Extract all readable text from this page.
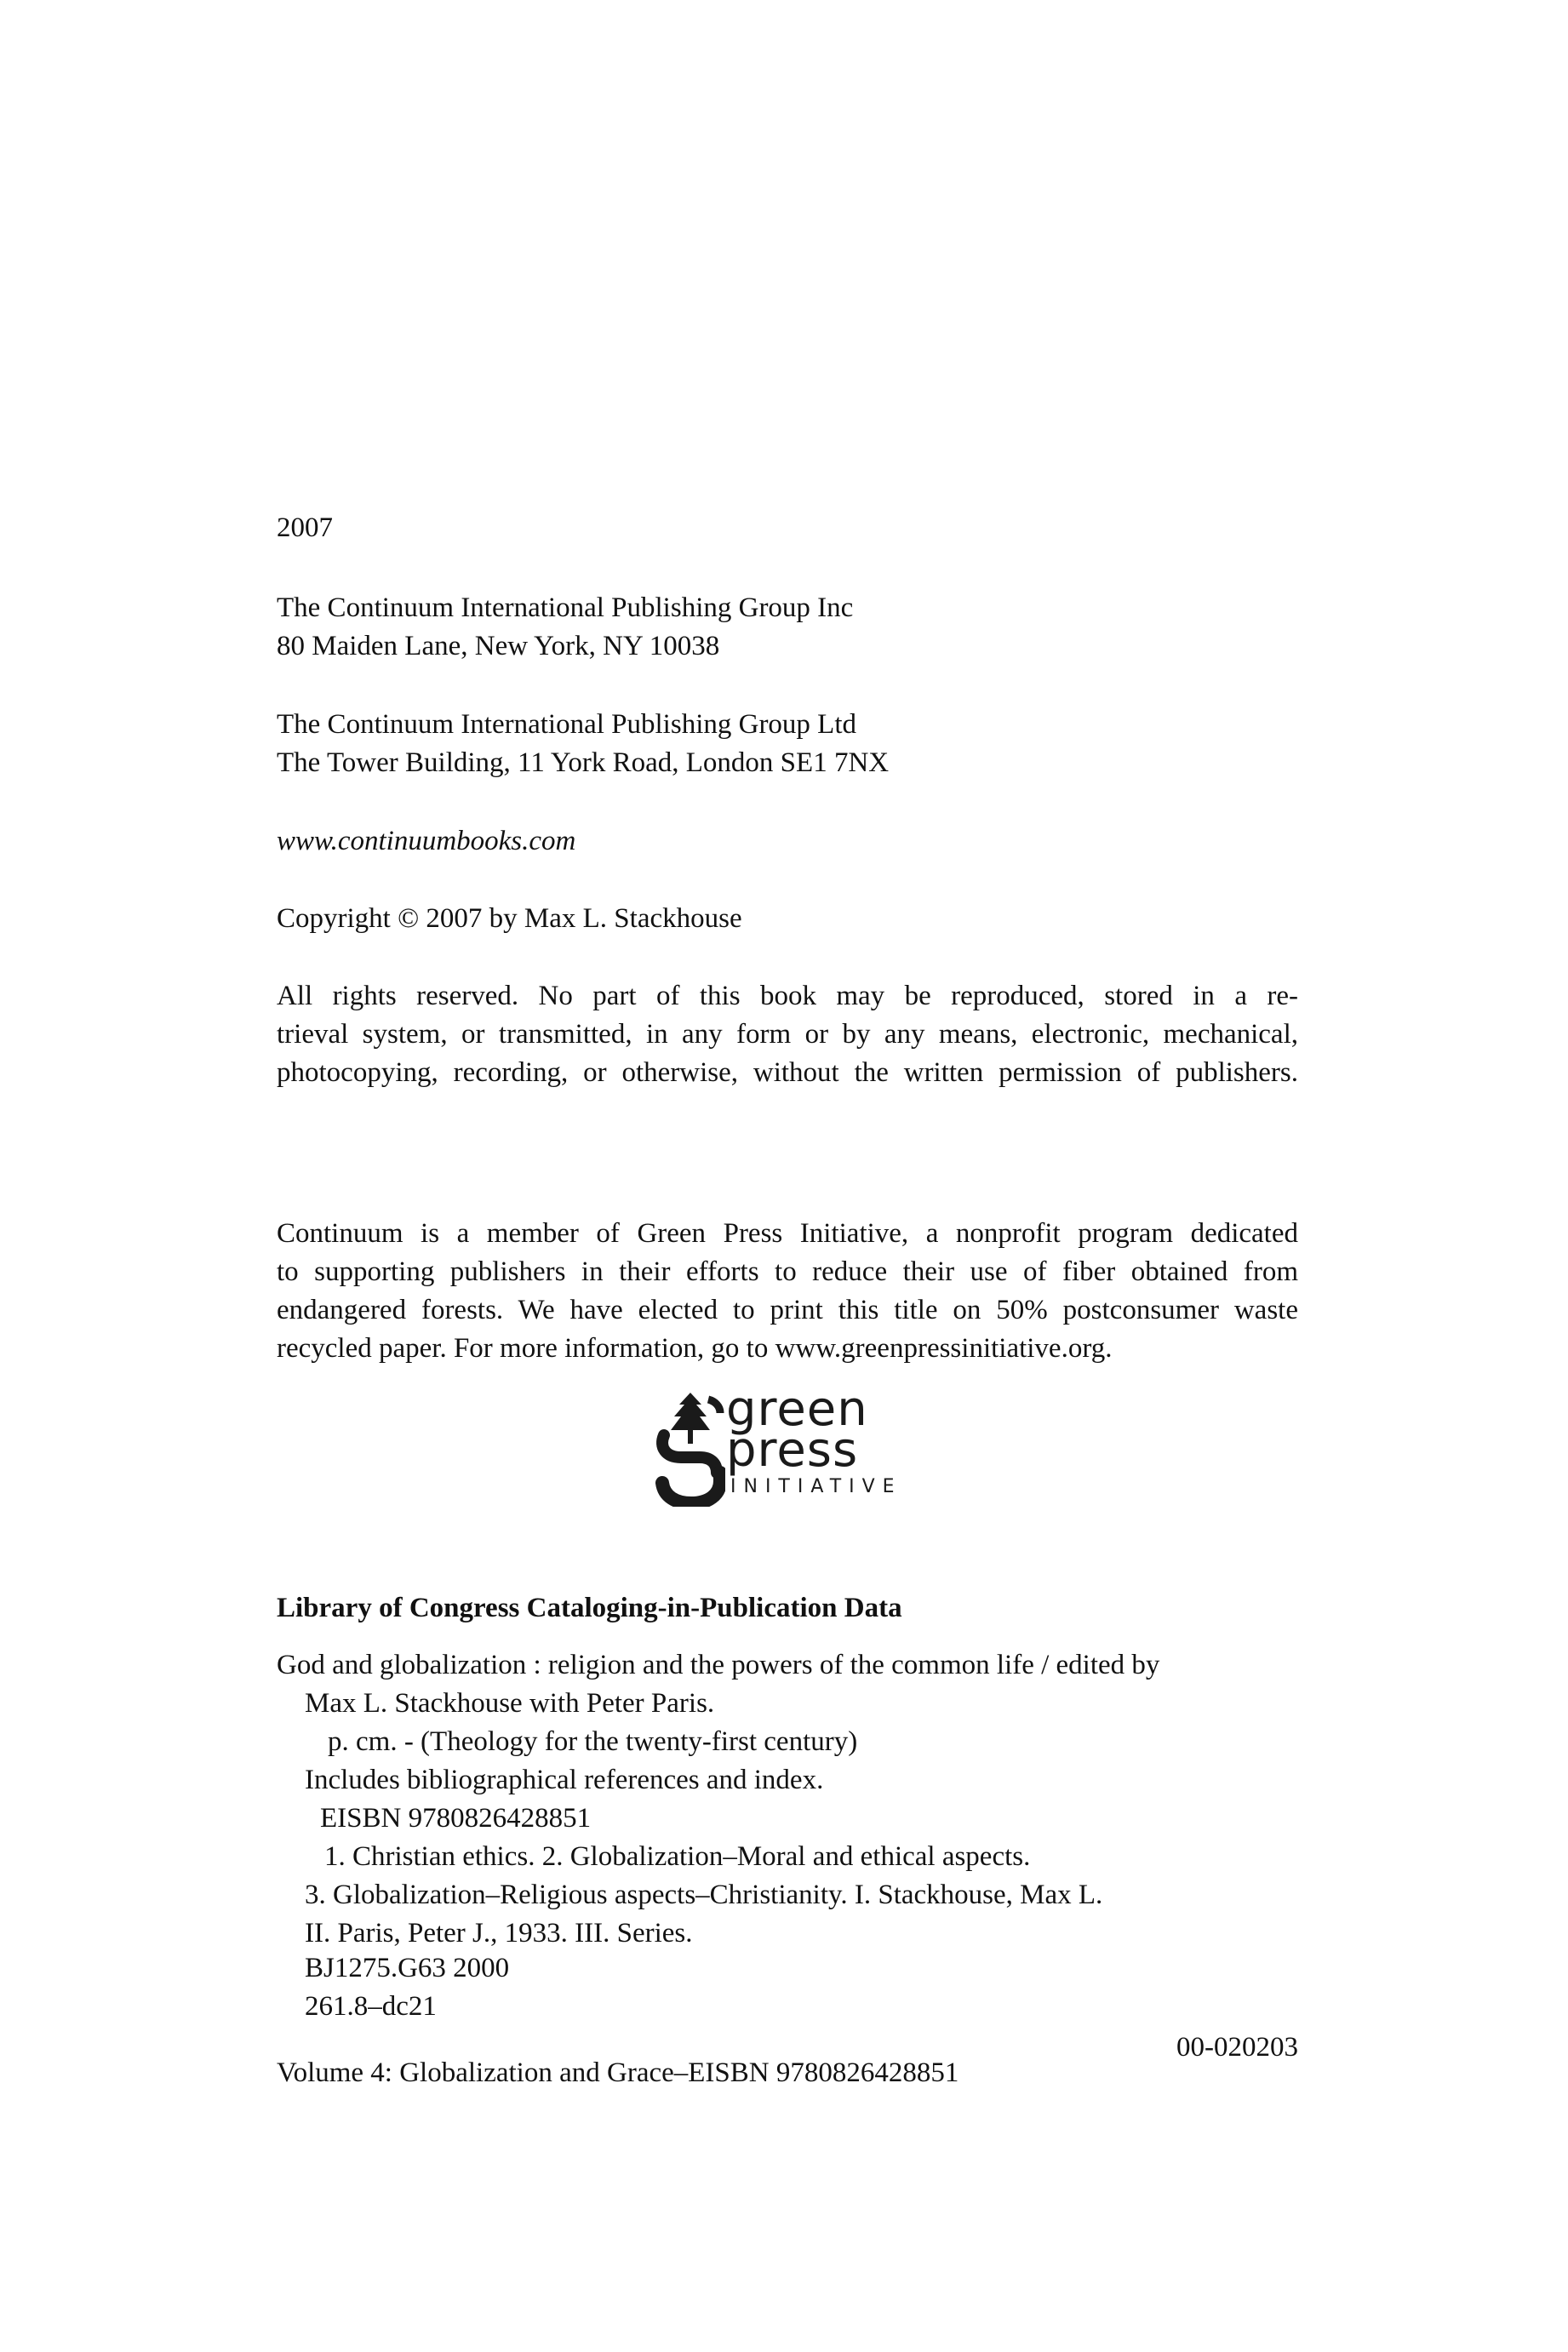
2007

The Continuum International Publishing Group Inc
80 Maiden Lane, New York, NY 10038

The Continuum International Publishing Group Ltd
The Tower Building, 11 York Road, London SE1 7NX

www.continuumbooks.com

Copyright © 2007 by Max L. Stackhouse

All rights reserved. No part of this book may be reproduced, stored in a re-
trieval system, or transmitted, in any form or by any means, electronic, mechanical,
photocopying, recording, or otherwise, without the written permission of publishers.

Continuum is a member of Green Press Initiative, a nonprofit program dedicated
to supporting publishers in their efforts to reduce their use of fiber obtained from
endangered forests. We have elected to print this title on 50% postconsumer waste
recycled paper. For more information, go to www.greenpressinitiative.org.

green
press
INITIATIVE

Library of Congress Cataloging-in-Publication Data

God and globalization : religion and the powers of the common life / edited by
Max L. Stackhouse with Peter Paris.
p. cm. - (Theology for the twenty-first century)
Includes bibliographical references and index.
EISBN 9780826428851
1. Christian ethics. 2. Globalization–Moral and ethical aspects.
3. Globalization–Religious aspects–Christianity. I. Stackhouse, Max L.
II. Paris, Peter J., 1933. III. Series.

BJ1275.G63 2000
261.8–dc21

00-020203

Volume 4: Globalization and Grace–EISBN 9780826428851
